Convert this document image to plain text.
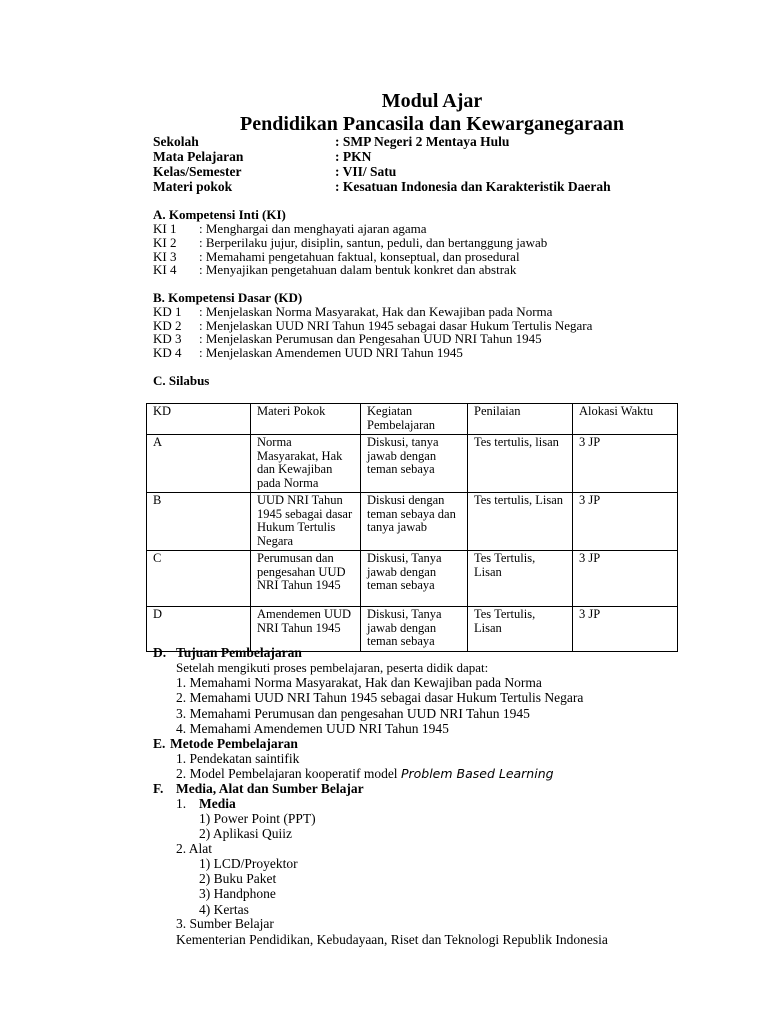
Modul Ajar
Pendidikan Pancasila dan Kewarganegaraan
Sekolah	: SMP Negeri 2 Mentaya Hulu
Mata Pelajaran	: PKN
Kelas/Semester	: VII/ Satu
Materi pokok	: Kesatuan Indonesia dan Karakteristik Daerah
A. Kompetensi Inti (KI)
KI 1 : Menghargai dan menghayati ajaran agama
KI 2 : Berperilaku jujur, disiplin, santun, peduli, dan bertanggung jawab
KI 3 : Memahami pengetahuan faktual, konseptual, dan prosedural
KI 4 : Menyajikan pengetahuan dalam bentuk konkret dan abstrak
B. Kompetensi Dasar (KD)
KD 1 : Menjelaskan Norma Masyarakat, Hak dan Kewajiban pada Norma
KD 2 : Menjelaskan UUD NRI Tahun 1945 sebagai dasar Hukum Tertulis Negara
KD 3 : Menjelaskan Perumusan dan Pengesahan UUD NRI Tahun 1945
KD 4 : Menjelaskan Amendemen UUD NRI Tahun 1945
C. Silabus
KD	Materi Pokok	Kegiatan Pembelajaran	Penilaian	Alokasi Waktu
A	Norma Masyarakat, Hak dan Kewajiban pada Norma	Diskusi, tanya jawab dengan teman sebaya	Tes tertulis, lisan	3 JP
B	UUD NRI Tahun 1945 sebagai dasar Hukum Tertulis Negara	Diskusi dengan teman sebaya dan tanya jawab	Tes tertulis, Lisan	3 JP
C	Perumusan dan pengesahan UUD NRI Tahun 1945	Diskusi, Tanya jawab dengan teman sebaya	Tes Tertulis, Lisan	3 JP
D	Amendemen UUD NRI Tahun 1945	Diskusi, Tanya jawab dengan teman sebaya	Tes Tertulis, Lisan	3 JP
D. Tujuan Pembelajaran
Setelah mengikuti proses pembelajaran, peserta didik dapat:
1. Memahami Norma Masyarakat, Hak dan Kewajiban pada Norma
2. Memahami UUD NRI Tahun 1945 sebagai dasar Hukum Tertulis Negara
3. Memahami Perumusan dan pengesahan UUD NRI Tahun 1945
4. Memahami Amendemen UUD NRI Tahun 1945
E. Metode Pembelajaran
1. Pendekatan saintifik
2. Model Pembelajaran kooperatif model Problem Based Learning
F. Media, Alat dan Sumber Belajar
1. Media
1) Power Point (PPT)
2) Aplikasi Quiiz
2. Alat
1) LCD/Proyektor
2) Buku Paket
3) Handphone
4) Kertas
3. Sumber Belajar
Kementerian Pendidikan, Kebudayaan, Riset dan Teknologi Republik Indonesia
